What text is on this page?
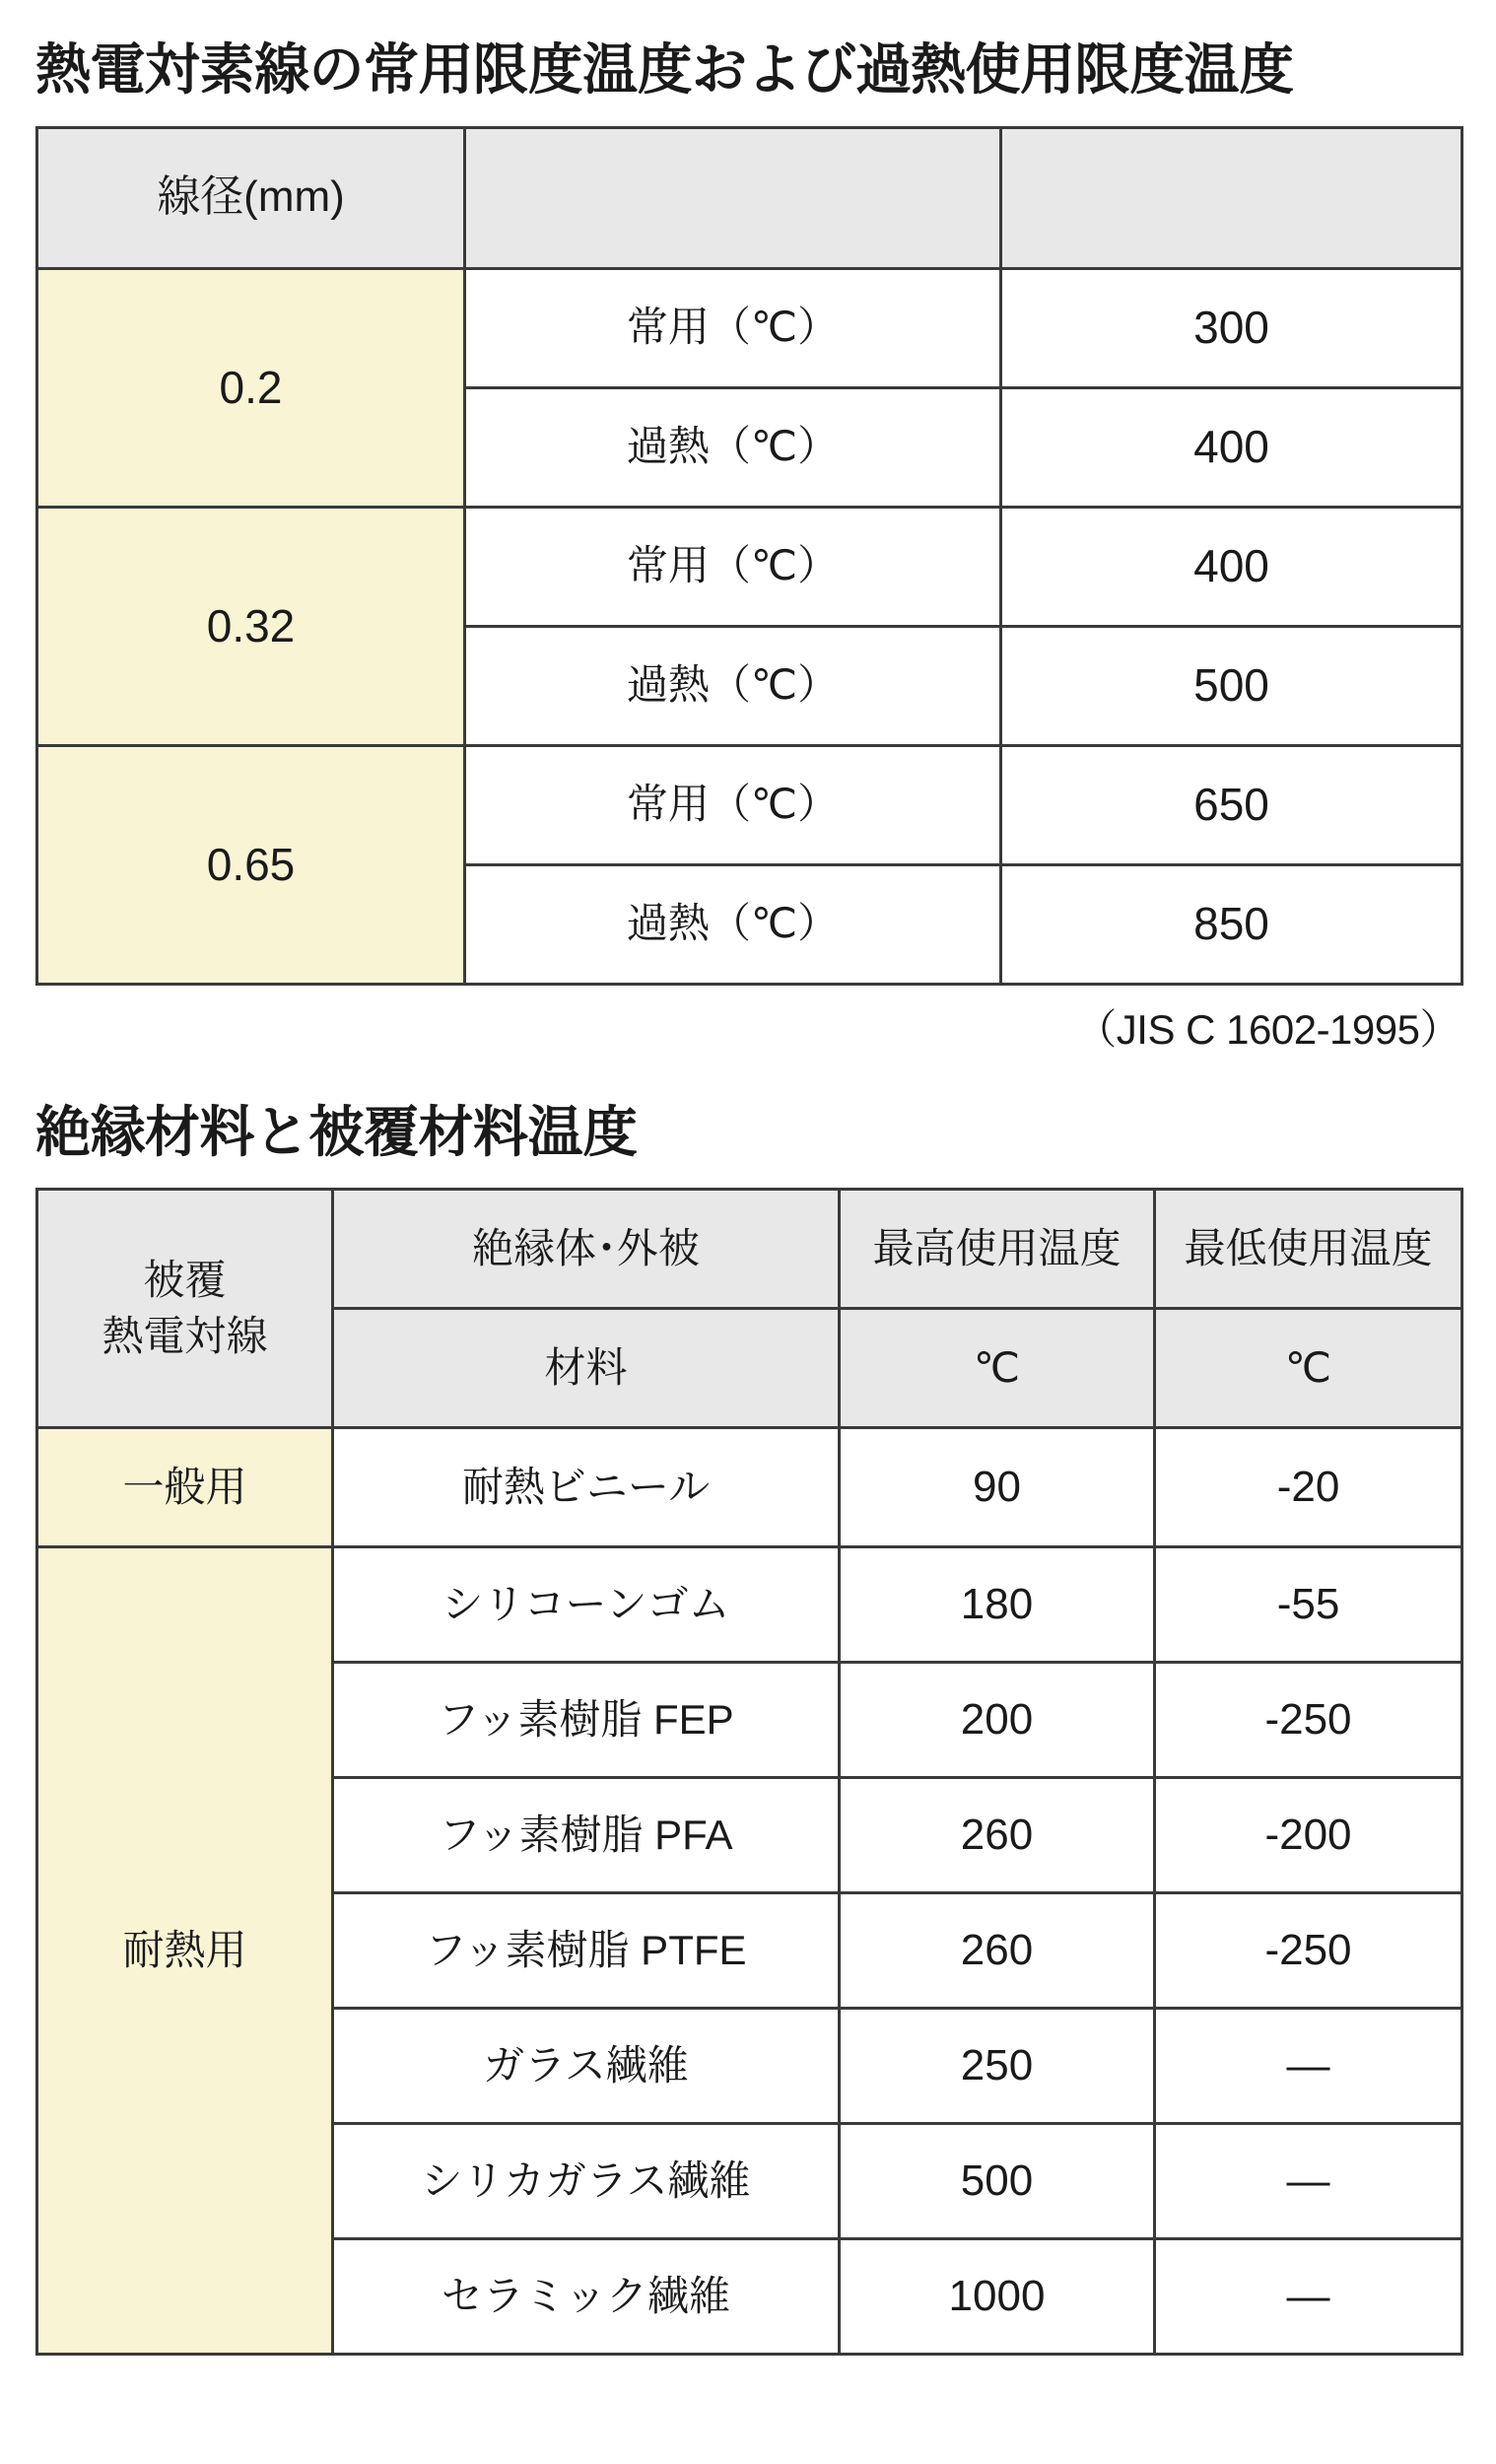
熱電対素線の常用限度温度および過熱使用限度温度
線径(mm)		
0.2	常用（℃）	300
	過熱（℃）	400
0.32	常用（℃）	400
	過熱（℃）	500
0.65	常用（℃）	650
	過熱（℃）	850
（JIS C 1602-1995）
絶縁材料と被覆材料温度
被覆
熱電対線	絶縁体･外被	最高使用温度	最低使用温度
	材料	℃	℃
一般用	耐熱ビニール	90	-20
耐熱用	シリコーンゴム	180	-55
	フッ素樹脂 FEP	200	-250
	フッ素樹脂 PFA	260	-200
	フッ素樹脂 PTFE	260	-250
	ガラス繊維	250	—
	シリカガラス繊維	500	—
	セラミック繊維	1000	—
